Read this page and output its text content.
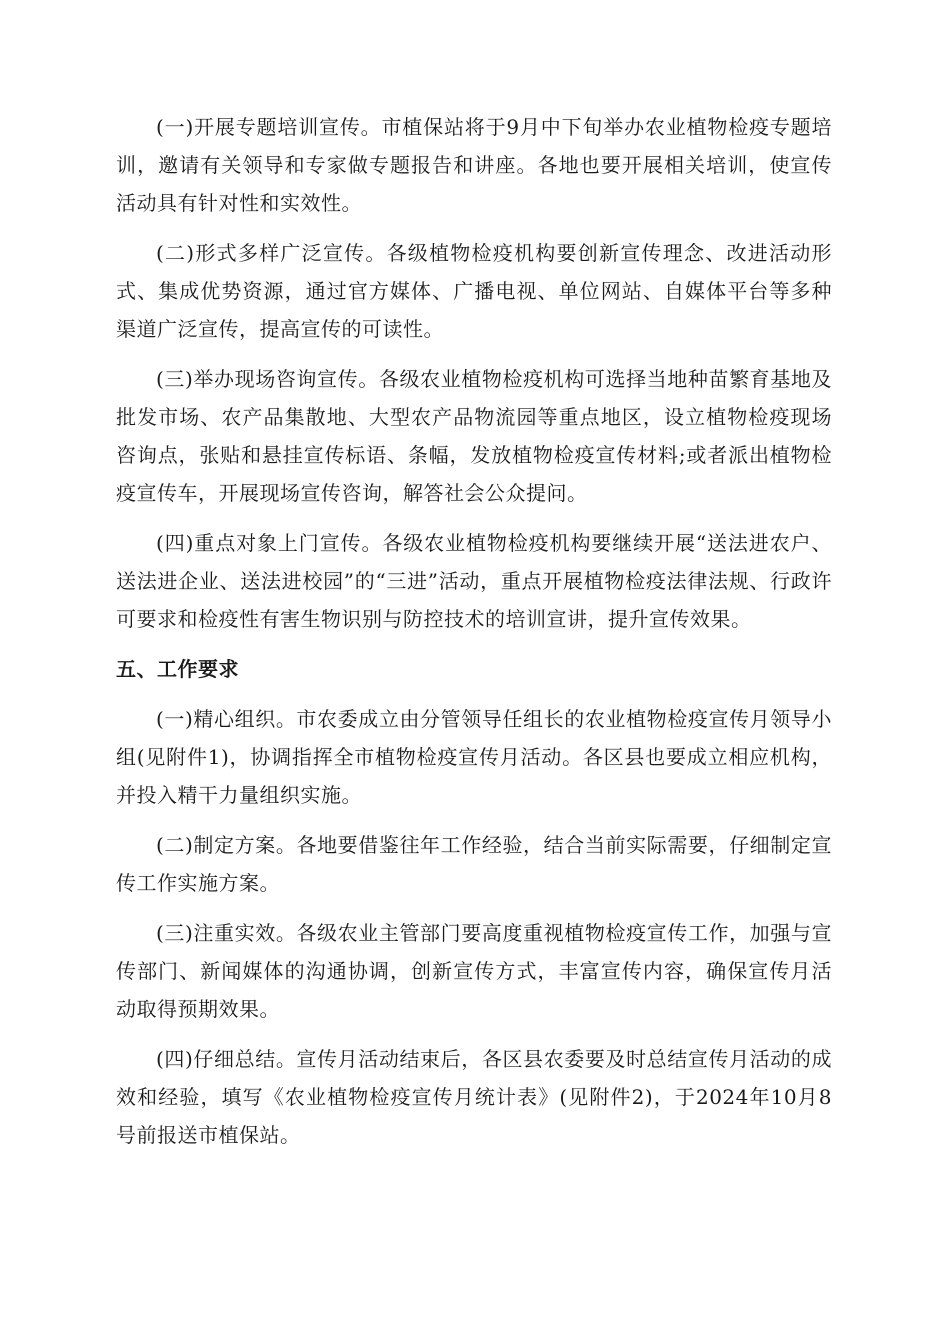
(一)开展专题培训宣传。市植保站将于9月中下旬举办农业植物检疫专题培训，邀请有关领导和专家做专题报告和讲座。各地也要开展相关培训，使宣传活动具有针对性和实效性。

(二)形式多样广泛宣传。各级植物检疫机构要创新宣传理念、改进活动形式、集成优势资源，通过官方媒体、广播电视、单位网站、自媒体平台等多种渠道广泛宣传，提高宣传的可读性。

(三)举办现场咨询宣传。各级农业植物检疫机构可选择当地种苗繁育基地及批发市场、农产品集散地、大型农产品物流园等重点地区，设立植物检疫现场咨询点，张贴和悬挂宣传标语、条幅，发放植物检疫宣传材料;或者派出植物检疫宣传车，开展现场宣传咨询，解答社会公众提问。

(四)重点对象上门宣传。各级农业植物检疫机构要继续开展“送法进农户、送法进企业、送法进校园”的“三进”活动，重点开展植物检疫法律法规、行政许可要求和检疫性有害生物识别与防控技术的培训宣讲，提升宣传效果。

五、工作要求

(一)精心组织。市农委成立由分管领导任组长的农业植物检疫宣传月领导小组(见附件1)，协调指挥全市植物检疫宣传月活动。各区县也要成立相应机构，并投入精干力量组织实施。

(二)制定方案。各地要借鉴往年工作经验，结合当前实际需要，仔细制定宣传工作实施方案。

(三)注重实效。各级农业主管部门要高度重视植物检疫宣传工作，加强与宣传部门、新闻媒体的沟通协调，创新宣传方式，丰富宣传内容，确保宣传月活动取得预期效果。

(四)仔细总结。宣传月活动结束后，各区县农委要及时总结宣传月活动的成效和经验，填写《农业植物检疫宣传月统计表》(见附件2)，于2024年10月8号前报送市植保站。
